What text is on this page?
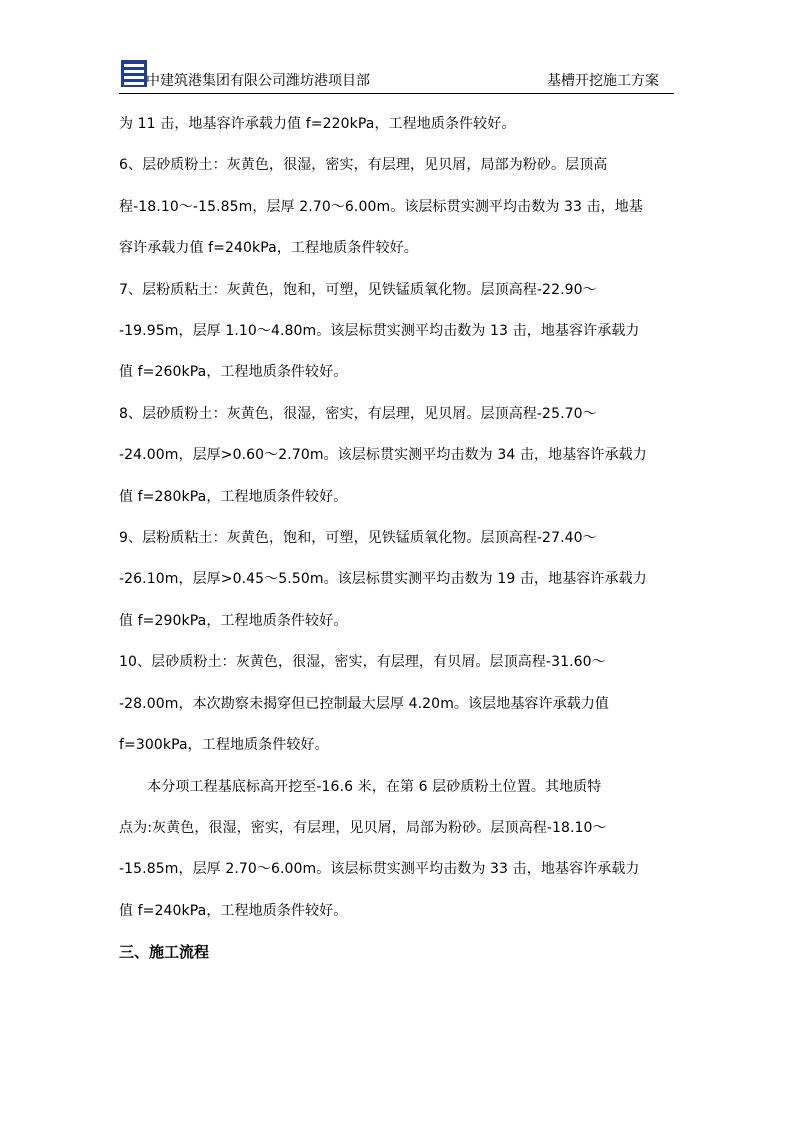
中建筑港集团有限公司潍坊港项目部	基槽开挖施工方案

为 11 击，地基容许承载力值 f=220kPa，工程地质条件较好。

6、层砂质粉土：灰黄色，很湿，密实，有层理，见贝屑，局部为粉砂。层顶高
程-18.10～-15.85m，层厚 2.70～6.00m。该层标贯实测平均击数为 33 击，地基
容许承载力值 f=240kPa，工程地质条件较好。

7、层粉质粘土：灰黄色，饱和，可塑，见铁锰质氧化物。层顶高程-22.90～
-19.95m，层厚 1.10～4.80m。该层标贯实测平均击数为 13 击，地基容许承载力
值 f=260kPa，工程地质条件较好。

8、层砂质粉土：灰黄色，很湿，密实，有层理，见贝屑。层顶高程-25.70～
-24.00m，层厚>0.60～2.70m。该层标贯实测平均击数为 34 击，地基容许承载力
值 f=280kPa，工程地质条件较好。

9、层粉质粘土：灰黄色，饱和，可塑，见铁锰质氧化物。层顶高程-27.40～
-26.10m，层厚>0.45～5.50m。该层标贯实测平均击数为 19 击，地基容许承载力
值 f=290kPa，工程地质条件较好。

10、层砂质粉土：灰黄色，很湿，密实，有层理，有贝屑。层顶高程-31.60～
-28.00m，本次勘察未揭穿但已控制最大层厚 4.20m。该层地基容许承载力值
f=300kPa，工程地质条件较好。

　　本分项工程基底标高开挖至-16.6 米，在第 6 层砂质粉土位置。其地质特
点为:灰黄色，很湿，密实，有层理，见贝屑，局部为粉砂。层顶高程-18.10～
-15.85m，层厚 2.70～6.00m。该层标贯实测平均击数为 33 击，地基容许承载力
值 f=240kPa，工程地质条件较好。

三、施工流程
